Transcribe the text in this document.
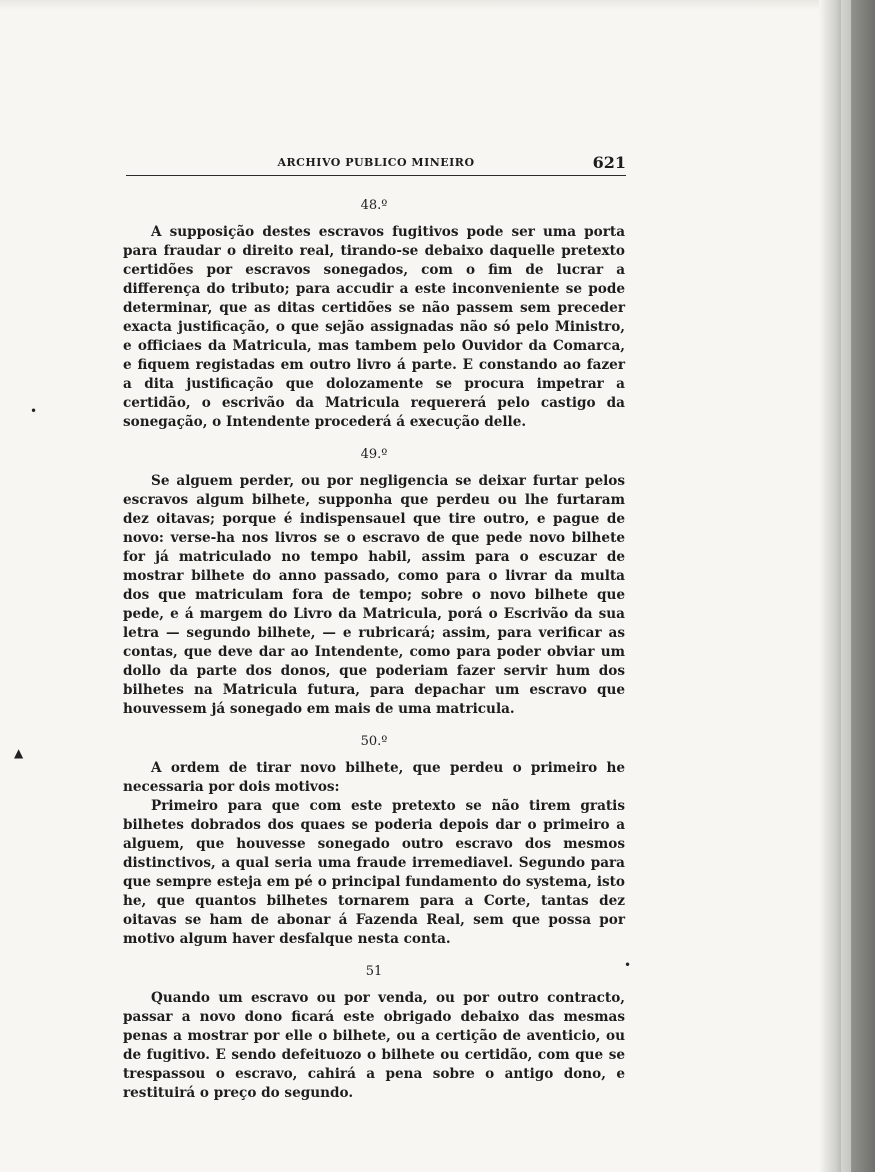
ARCHIVO PUBLICO MINEIRO	621
48.º

A supposição destes escravos fugitivos pode ser uma porta para fraudar o direito real, tirando-se debaixo daquelle pretexto certidões por escravos sonegados, com o fim de lucrar a differença do tributo; para accudir a este inconveniente se pode determinar, que as ditas certidões se não passem sem preceder exacta justificação, o que sejão assignadas não só pelo Ministro, e officiaes da Matricula, mas tambem pelo Ouvidor da Comarca, e fiquem registadas em outro livro á parte. E constando ao fazer a dita justificação que dolozamente se procura impetrar a certidão, o escrivão da Matricula requererá pelo castigo da sonegação, o Intendente procederá á execução delle.

49.º

Se alguem perder, ou por negligencia se deixar furtar pelos escravos algum bilhete, supponha que perdeu ou lhe furtaram dez oitavas; porque é indispensauel que tire outro, e pague de novo: verse-ha nos livros se o escravo de que pede novo bilhete for já matriculado no tempo habil, assim para o escuzar de mostrar bilhete do anno passado, como para o livrar da multa dos que matriculam fora de tempo; sobre o novo bilhete que pede, e á margem do Livro da Matricula, porá o Escrivão da sua letra — segundo bilhete, — e rubricará; assim, para verificar as contas, que deve dar ao Intendente, como para poder obviar um dollo da parte dos donos, que poderiam fazer servir hum dos bilhetes na Matricula futura, para depachar um escravo que houvessem já sonegado em mais de uma matricula.

50.º

A ordem de tirar novo bilhete, que perdeu o primeiro he necessaria por dois motivos:

Primeiro para que com este pretexto se não tirem gratis bilhetes dobrados dos quaes se poderia depois dar o primeiro a alguem, que houvesse sonegado outro escravo dos mesmos distinctivos, a qual seria uma fraude irremediavel. Segundo para que sempre esteja em pé o principal fundamento do systema, isto he, que quantos bilhetes tornarem para a Corte, tantas dez oitavas se ham de abonar á Fazenda Real, sem que possa por motivo algum haver desfalque nesta conta.

51

Quando um escravo ou por venda, ou por outro contracto, passar a novo dono ficará este obrigado debaixo das mesmas penas a mostrar por elle o bilhete, ou a certição de aventicio, ou de fugitivo. E sendo defeituozo o bilhete ou certidão, com que se trespassou o escravo, cahirá a pena sobre o antigo dono, e restituirá o preço do segundo.

•
▲
•
